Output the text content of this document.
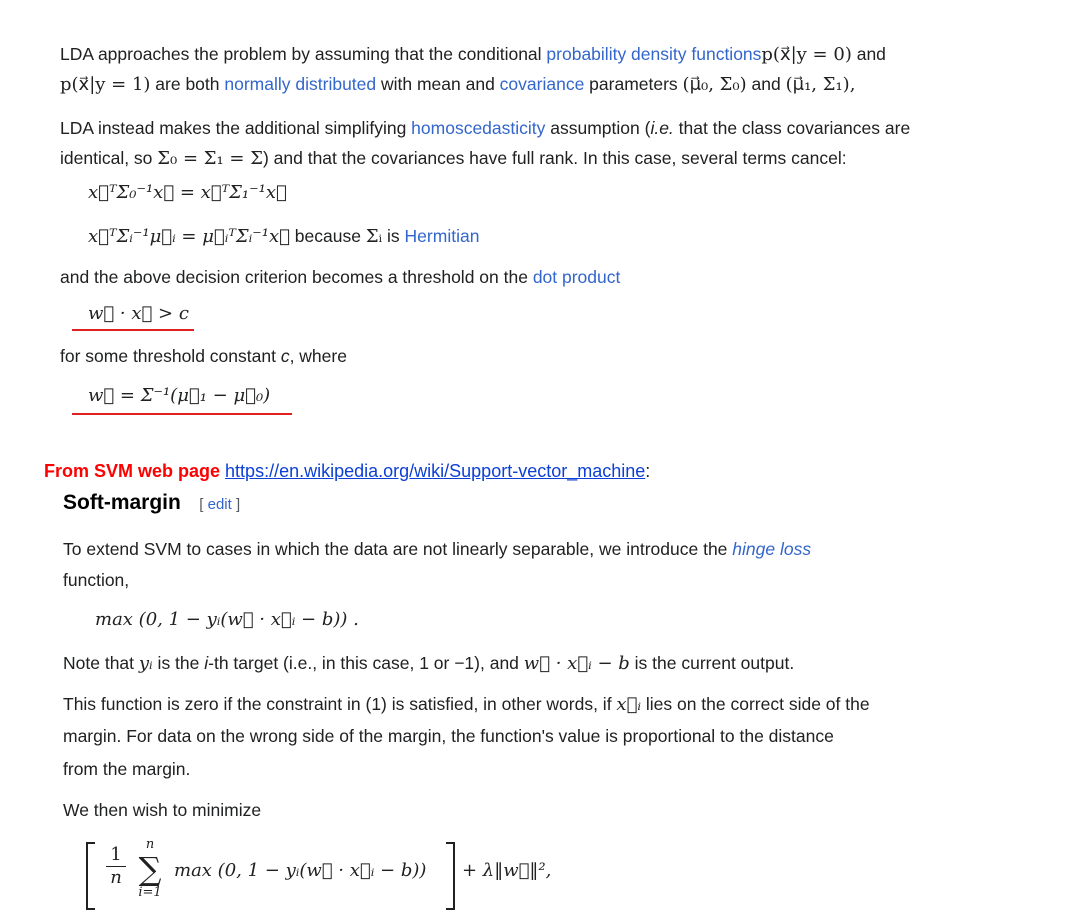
LDA approaches the problem by assuming that the conditional probability density functionsp(x⃗|y = 0) and
p(x⃗|y = 1) are both normally distributed with mean and covariance parameters (μ⃗₀, Σ₀) and (μ⃗₁, Σ₁),
LDA instead makes the additional simplifying homoscedasticity assumption (i.e. that the class covariances are
identical, so Σ₀ = Σ₁ = Σ) and that the covariances have full rank. In this case, several terms cancel:
x⃗ᵀΣ₀⁻¹x⃗ = x⃗ᵀΣ₁⁻¹x⃗
x⃗ᵀΣᵢ⁻¹μ⃗ᵢ = μ⃗ᵢᵀΣᵢ⁻¹x⃗ because Σᵢ is Hermitian
and the above decision criterion becomes a threshold on the dot product
w⃗ · x⃗ > c
for some threshold constant c, where
w⃗ = Σ⁻¹(μ⃗₁ − μ⃗₀)
From SVM web page https://en.wikipedia.org/wiki/Support-vector_machine:
Soft-margin [ edit ]
To extend SVM to cases in which the data are not linearly separable, we introduce the hinge loss
function,
max (0, 1 − yᵢ(w⃗ · x⃗ᵢ − b)) .
Note that yᵢ is the i-th target (i.e., in this case, 1 or −1), and w⃗ · x⃗ᵢ − b is the current output.
This function is zero if the constraint in (1) is satisfied, in other words, if x⃗ᵢ lies on the correct side of the
margin. For data on the wrong side of the margin, the function's value is proportional to the distance
from the margin.
We then wish to minimize
1
n
n
∑
i=1
max (0, 1 − yᵢ(w⃗ · x⃗ᵢ − b)) + λ‖w⃗‖²,
